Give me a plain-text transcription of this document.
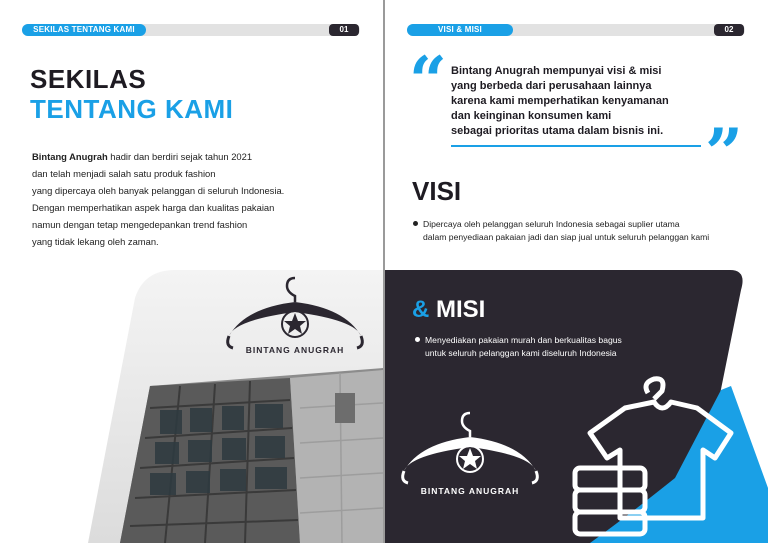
SEKILAS TENTANG KAMI	01
SEKILAS
TENTANG KAMI

Bintang Anugrah hadir dan berdiri sejak tahun 2021

dan telah menjadi salah satu produk fashion

yang dipercaya oleh banyak pelanggan di seluruh Indonesia.

Dengan memperhatikan aspek harga dan kualitas pakaian

namun dengan tetap mengedepankan trend fashion

yang tidak lekang oleh zaman.

BINTANG ANUGRAH
VISI & MISI	02
“ Bintang Anugrah mempunyai visi & misi

yang berbeda dari perusahaan lainnya

karena kami memperhatikan kenyamanan

dan keinginan konsumen kami

sebagai prioritas utama dalam bisnis ini. ”
VISI

Dipercaya oleh pelanggan seluruh Indonesia sebagai suplier utama

dalam penyediaan pakaian jadi dan siap jual untuk seluruh pelanggan kami

BINTANG ANUGRAH
& MISI

Menyediakan pakaian murah dan berkualitas bagus

untuk seluruh pelanggan kami diseluruh Indonesia
